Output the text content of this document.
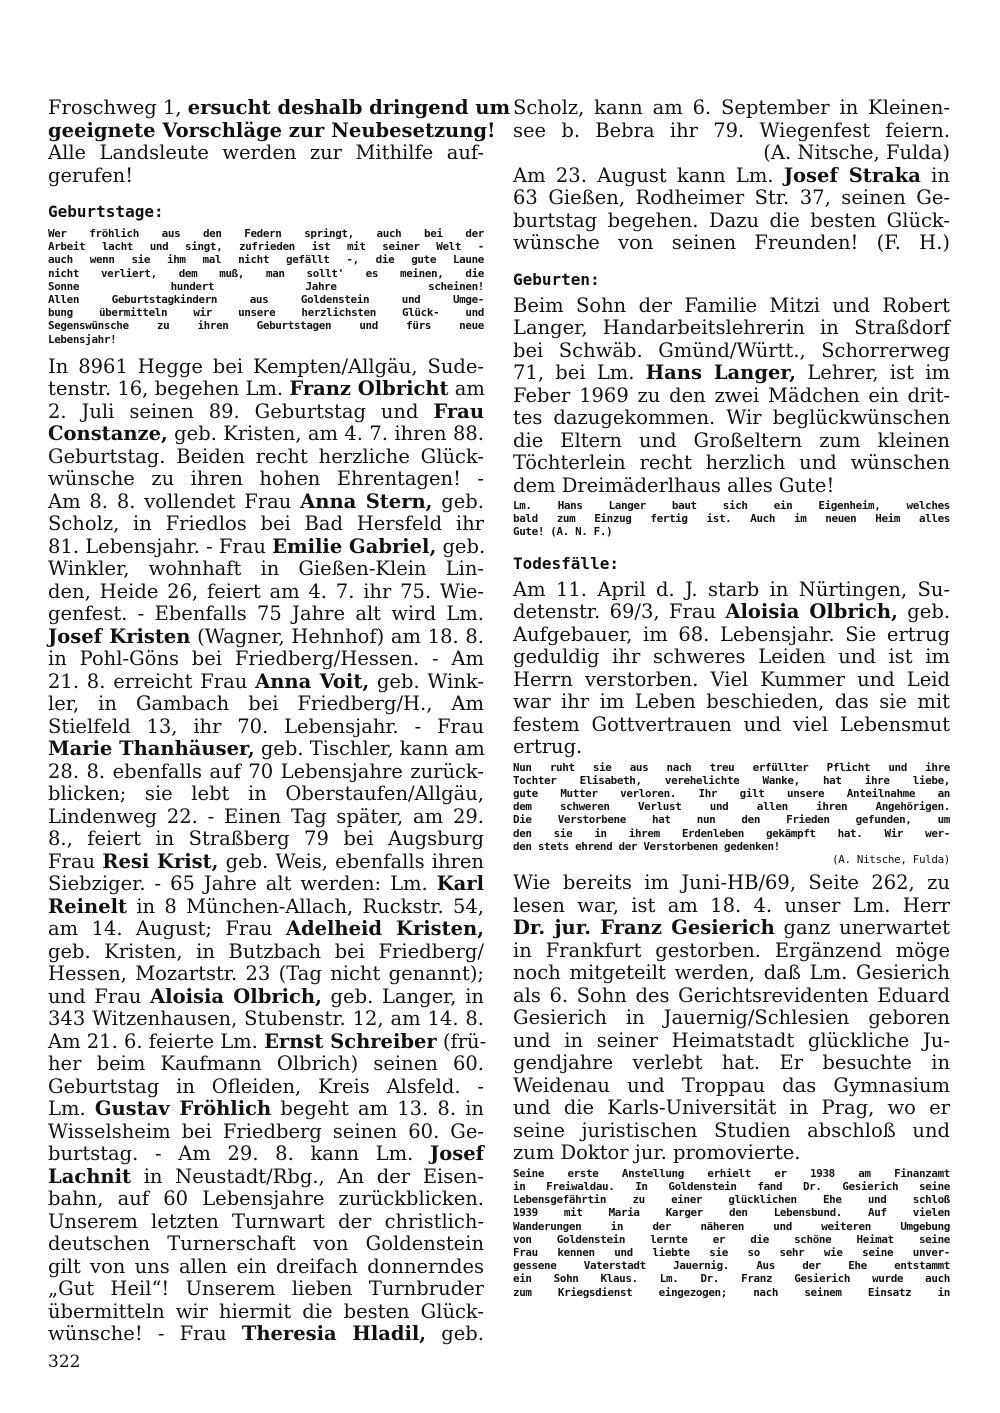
Froschweg 1, ersucht deshalb dringend um
geeignete Vorschläge zur Neubesetzung!
Alle Landsleute werden zur Mithilfe auf-
gerufen!
Geburtstage:
Wer fröhlich aus den Federn springt, auch bei der
Arbeit lacht und singt, zufrieden ist mit seiner Welt -
auch wenn sie ihm mal nicht gefällt -, die gute Laune
nicht verliert, dem muß, man sollt' es meinen, die
Sonne hundert Jahre scheinen!
Allen Geburtstagkindern aus Goldenstein und Umge-
bung übermitteln wir unsere herzlichsten Glück- und
Segenswünsche zu ihren Geburtstagen und fürs neue
Lebensjahr!
In 8961 Hegge bei Kempten/Allgäu, Sude-
tenstr. 16, begehen Lm. Franz Olbricht am
2. Juli seinen 89. Geburtstag und Frau
Constanze, geb. Kristen, am 4. 7. ihren 88.
Geburtstag. Beiden recht herzliche Glück-
wünsche zu ihren hohen Ehrentagen! -
Am 8. 8. vollendet Frau Anna Stern, geb.
Scholz, in Friedlos bei Bad Hersfeld ihr
81. Lebensjahr. - Frau Emilie Gabriel, geb.
Winkler, wohnhaft in Gießen-Klein Lin-
den, Heide 26, feiert am 4. 7. ihr 75. Wie-
genfest. - Ebenfalls 75 Jahre alt wird Lm.
Josef Kristen (Wagner, Hehnhof) am 18. 8.
in Pohl-Göns bei Friedberg/Hessen. - Am
21. 8. erreicht Frau Anna Voit, geb. Wink-
ler, in Gambach bei Friedberg/H., Am
Stielfeld 13, ihr 70. Lebensjahr. - Frau
Marie Thanhäuser, geb. Tischler, kann am
28. 8. ebenfalls auf 70 Lebensjahre zurück-
blicken; sie lebt in Oberstaufen/Allgäu,
Lindenweg 22. - Einen Tag später, am 29.
8., feiert in Straßberg 79 bei Augsburg
Frau Resi Krist, geb. Weis, ebenfalls ihren
Siebziger. - 65 Jahre alt werden: Lm. Karl
Reinelt in 8 München-Allach, Ruckstr. 54,
am 14. August; Frau Adelheid Kristen,
geb. Kristen, in Butzbach bei Friedberg/
Hessen, Mozartstr. 23 (Tag nicht genannt);
und Frau Aloisia Olbrich, geb. Langer, in
343 Witzenhausen, Stubenstr. 12, am 14. 8.
Am 21. 6. feierte Lm. Ernst Schreiber (frü-
her beim Kaufmann Olbrich) seinen 60.
Geburtstag in Ofleiden, Kreis Alsfeld. -
Lm. Gustav Fröhlich begeht am 13. 8. in
Wisselsheim bei Friedberg seinen 60. Ge-
burtstag. - Am 29. 8. kann Lm. Josef
Lachnit in Neustadt/Rbg., An der Eisen-
bahn, auf 60 Lebensjahre zurückblicken.
Unserem letzten Turnwart der christlich-
deutschen Turnerschaft von Goldenstein
gilt von uns allen ein dreifach donnerndes
„Gut Heil“! Unserem lieben Turnbruder
übermitteln wir hiermit die besten Glück-
wünsche! - Frau Theresia Hladil, geb.
Scholz, kann am 6. September in Kleinen-
see b. Bebra ihr 79. Wiegenfest feiern.
(A. Nitsche, Fulda)
Am 23. August kann Lm. Josef Straka in
63 Gießen, Rodheimer Str. 37, seinen Ge-
burtstag begehen. Dazu die besten Glück-
wünsche von seinen Freunden! (F. H.)
Geburten:
Beim Sohn der Familie Mitzi und Robert
Langer, Handarbeitslehrerin in Straßdorf
bei Schwäb. Gmünd/Württ., Schorrerweg
71, bei Lm. Hans Langer, Lehrer, ist im
Feber 1969 zu den zwei Mädchen ein drit-
tes dazugekommen. Wir beglückwünschen
die Eltern und Großeltern zum kleinen
Töchterlein recht herzlich und wünschen
dem Dreimäderlhaus alles Gute!
Lm. Hans Langer baut sich ein Eigenheim, welches
bald zum Einzug fertig ist. Auch im neuen Heim alles
Gute! (A. N. F.)
Todesfälle:
Am 11. April d. J. starb in Nürtingen, Su-
detenstr. 69/3, Frau Aloisia Olbrich, geb.
Aufgebauer, im 68. Lebensjahr. Sie ertrug
geduldig ihr schweres Leiden und ist im
Herrn verstorben. Viel Kummer und Leid
war ihr im Leben beschieden, das sie mit
festem Gottvertrauen und viel Lebensmut
ertrug.
Nun ruht sie aus nach treu erfüllter Pflicht und ihre
Tochter Elisabeth, verehelichte Wanke, hat ihre liebe,
gute Mutter verloren. Ihr gilt unsere Anteilnahme an
dem schweren Verlust und allen ihren Angehörigen.
Die Verstorbene hat nun den Frieden gefunden, um
den sie in ihrem Erdenleben gekämpft hat. Wir wer-
den stets ehrend der Verstorbenen gedenken!
(A. Nitsche, Fulda)
Wie bereits im Juni-HB/69, Seite 262, zu
lesen war, ist am 18. 4. unser Lm. Herr
Dr. jur. Franz Gesierich ganz unerwartet
in Frankfurt gestorben. Ergänzend möge
noch mitgeteilt werden, daß Lm. Gesierich
als 6. Sohn des Gerichtsrevidenten Eduard
Gesierich in Jauernig/Schlesien geboren
und in seiner Heimatstadt glückliche Ju-
gendjahre verlebt hat. Er besuchte in
Weidenau und Troppau das Gymnasium
und die Karls-Universität in Prag, wo er
seine juristischen Studien abschloß und
zum Doktor jur. promovierte.
Seine erste Anstellung erhielt er 1938 am Finanzamt
in Freiwaldau. In Goldenstein fand Dr. Gesierich seine
Lebensgefährtin zu einer glücklichen Ehe und schloß
1939 mit Maria Karger den Lebensbund. Auf vielen
Wanderungen in der näheren und weiteren Umgebung
von Goldenstein lernte er die schöne Heimat seine
Frau kennen und liebte sie so sehr wie seine unver-
gessene Vaterstadt Jauernig. Aus der Ehe entstammt
ein Sohn Klaus. Lm. Dr. Franz Gesierich wurde auch
zum Kriegsdienst eingezogen; nach seinem Einsatz in
322
